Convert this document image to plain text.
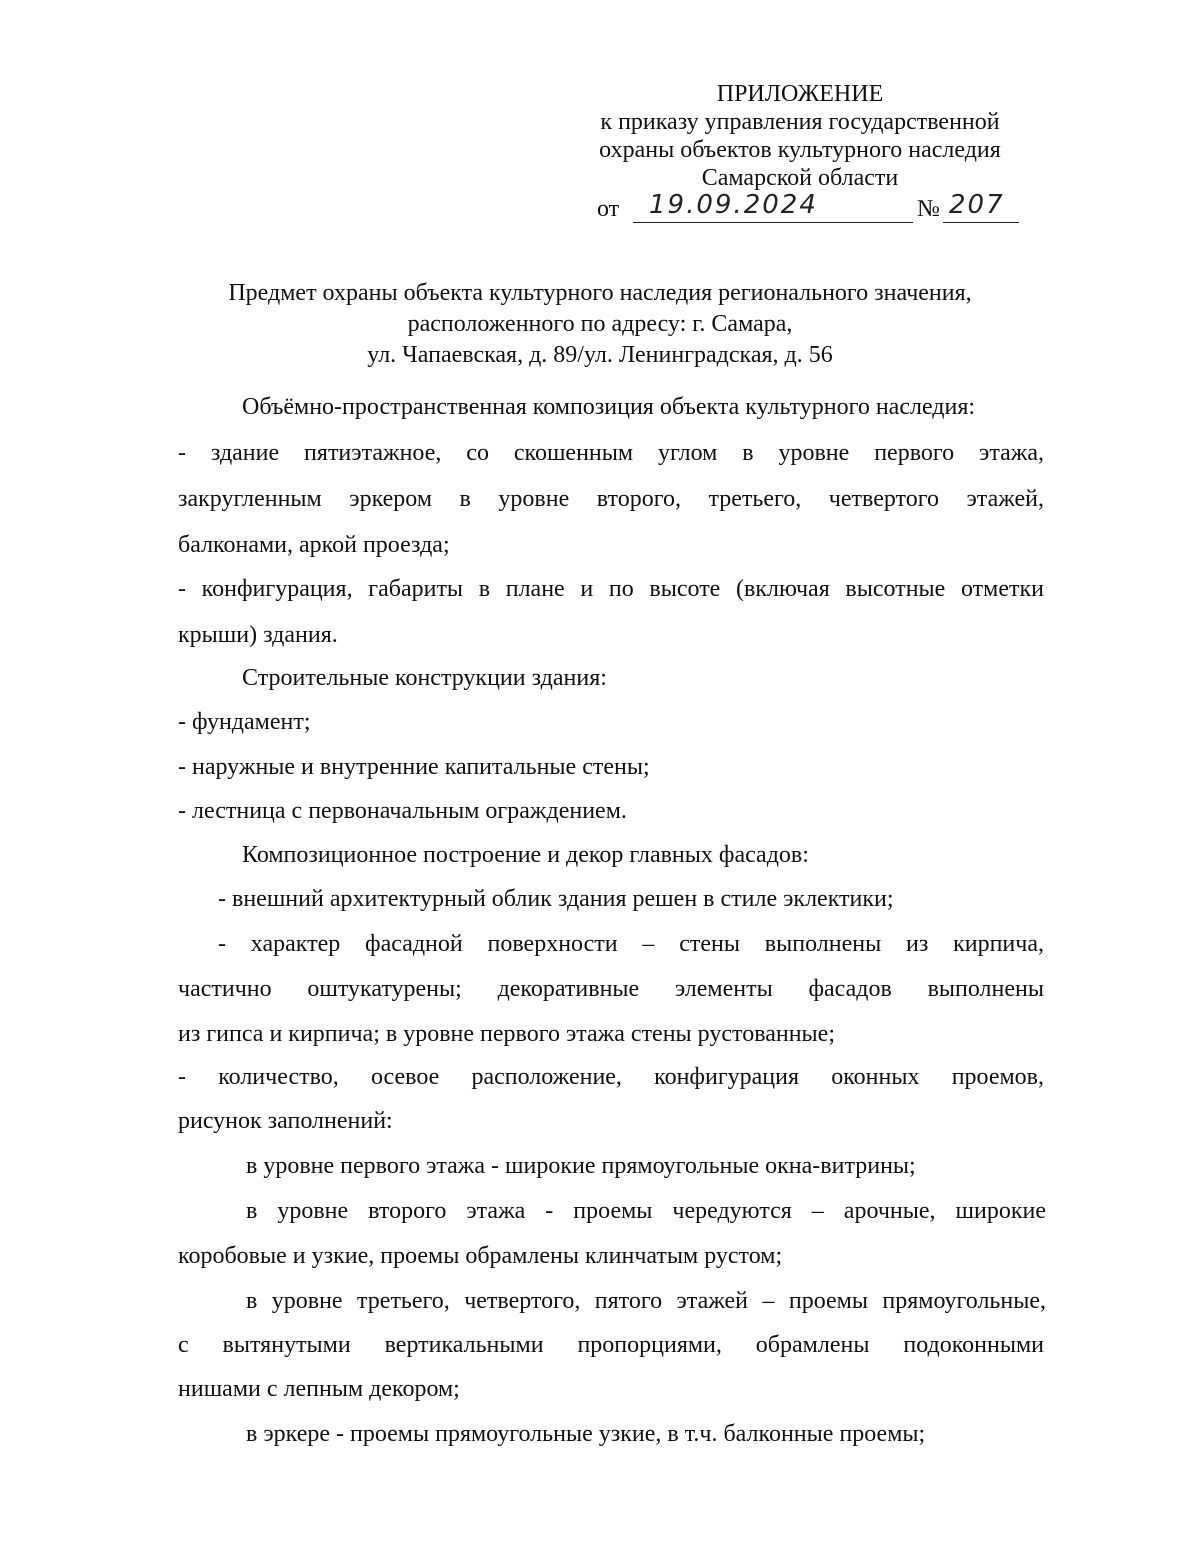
ПРИЛОЖЕНИЕ
к приказу управления государственной
охраны объектов культурного наследия
Самарской области
от 19.09.2024	№ 207
Предмет охраны объекта культурного наследия регионального значения,
расположенного по адресу: г. Самара,
ул. Чапаевская, д. 89/ул. Ленинградская, д. 56
Объёмно-пространственная композиция объекта культурного наследия:
- здание пятиэтажное, со скошенным углом в уровне первого этажа,
закругленным эркером в уровне второго, третьего, четвертого этажей,
балконами, аркой проезда;
- конфигурация, габариты в плане и по высоте (включая высотные отметки
крыши) здания.
Строительные конструкции здания:
- фундамент;
- наружные и внутренние капитальные стены;
- лестница с первоначальным ограждением.
Композиционное построение и декор главных фасадов:
- внешний архитектурный облик здания решен в стиле эклектики;
- характер фасадной поверхности – стены выполнены из кирпича,
частично оштукатурены; декоративные элементы фасадов выполнены
из гипса и кирпича; в уровне первого этажа стены рустованные;
- количество, осевое расположение, конфигурация оконных проемов,
рисунок заполнений:
в уровне первого этажа - широкие прямоугольные окна-витрины;
в уровне второго этажа - проемы чередуются – арочные, широкие
коробовые и узкие, проемы обрамлены клинчатым рустом;
в уровне третьего, четвертого, пятого этажей – проемы прямоугольные,
с вытянутыми вертикальными пропорциями, обрамлены подоконными
нишами с лепным декором;
в эркере - проемы прямоугольные узкие, в т.ч. балконные проемы;
